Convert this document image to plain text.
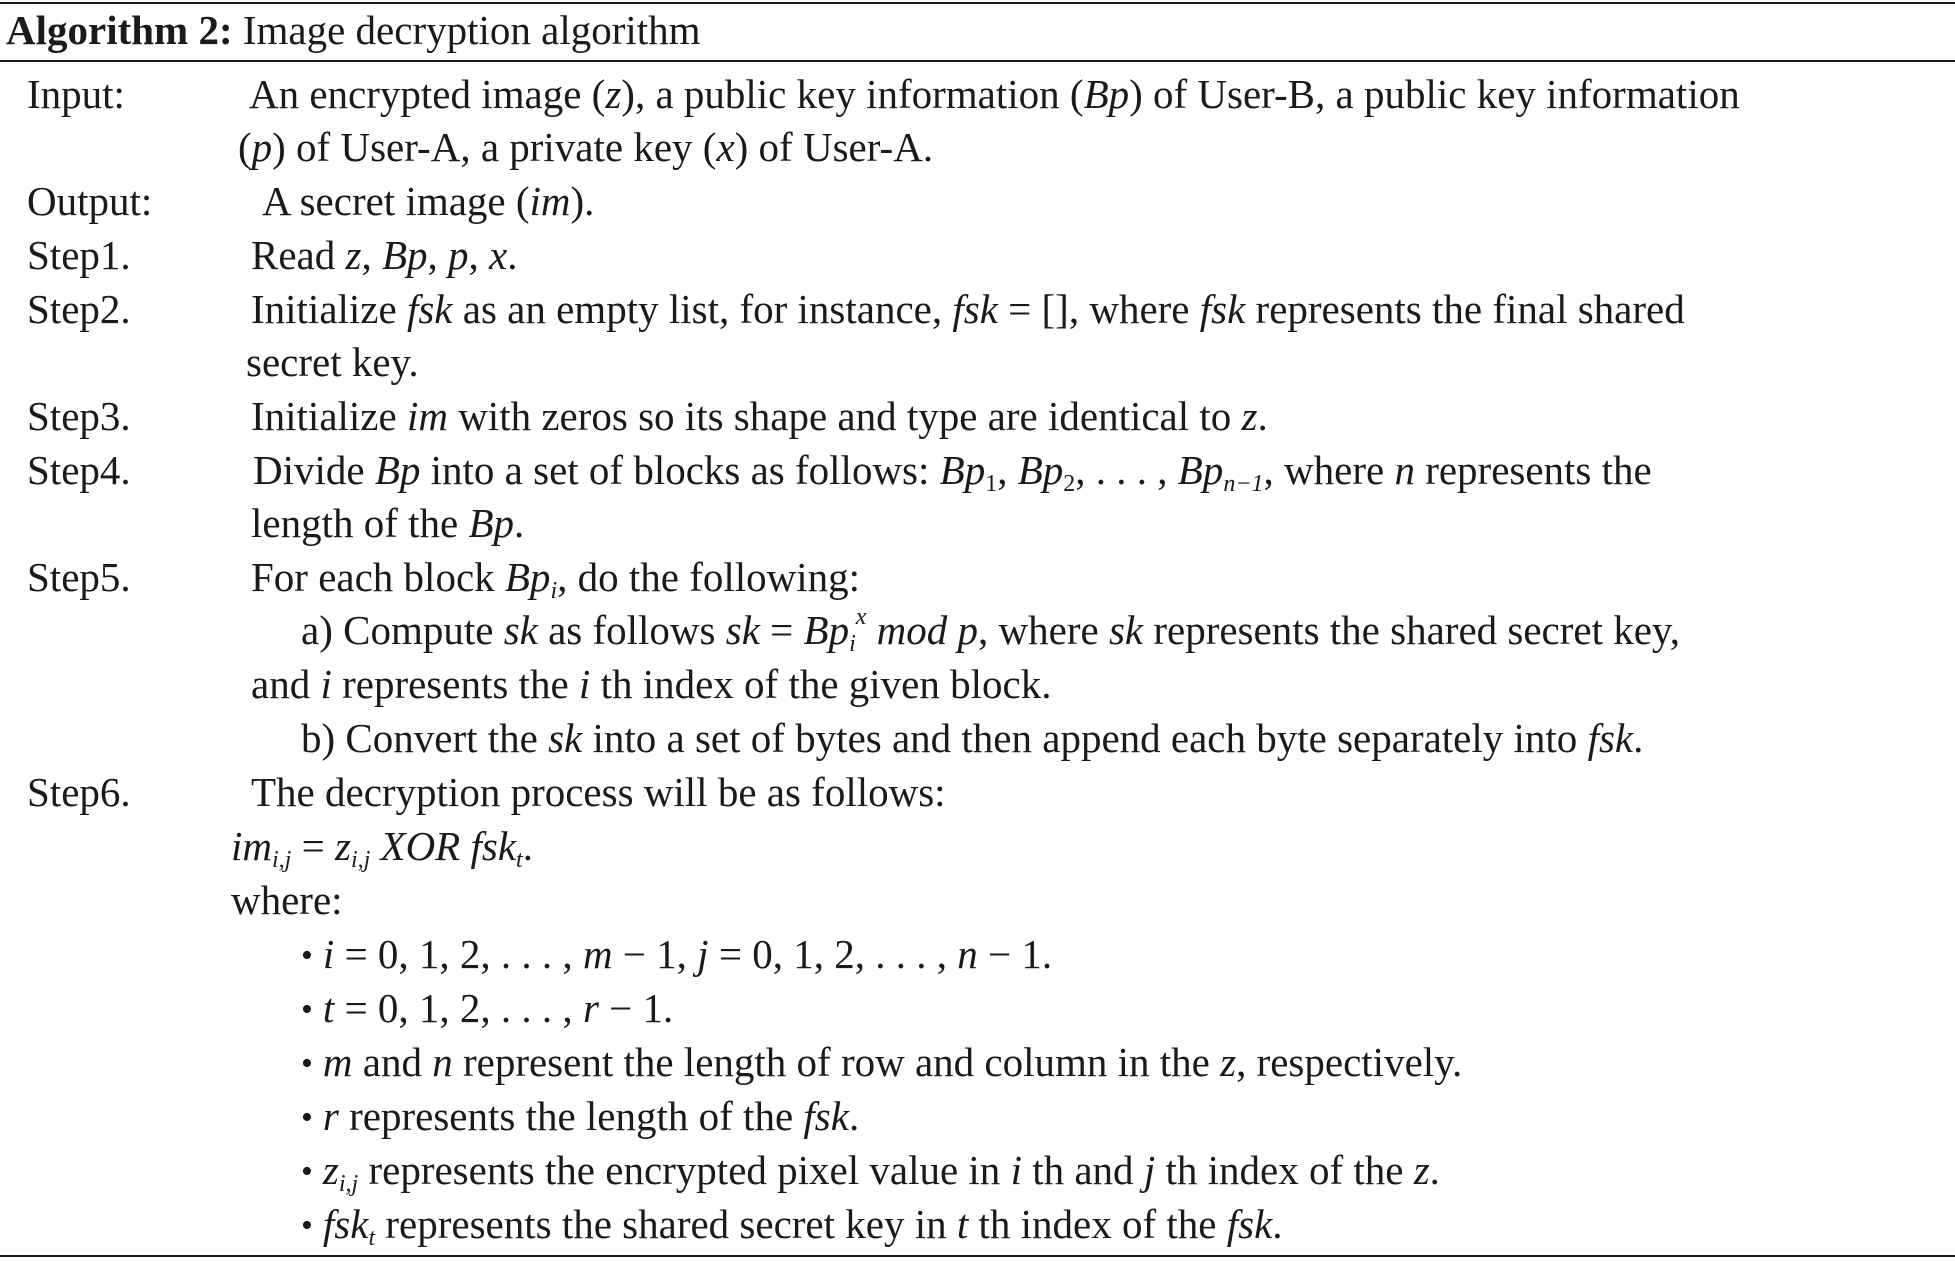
Algorithm 2: Image decryption algorithm
Input:	An encrypted image (z), a public key information (Bp) of User-B, a public key information
(p) of User-A, a private key (x) of User-A.
Output:	A secret image (im).
Step1.	Read z, Bp, p, x.
Step2.	Initialize fsk as an empty list, for instance, fsk = [], where fsk represents the final shared
secret key.
Step3.	Initialize im with zeros so its shape and type are identical to z.
Step4.	Divide Bp into a set of blocks as follows: $Bp_1$, $Bp_2$, . . . , $Bp_{n-1}$, where n represents the
length of the Bp.
Step5.	For each block $Bp_i$, do the following:
a) Compute sk as follows sk = $Bp_i^x$ mod p, where sk represents the shared secret key,
and i represents the i th index of the given block.
b) Convert the sk into a set of bytes and then append each byte separately into fsk.
Step6.	The decryption process will be as follows:
$im_{i,j} = z_{i,j}$ XOR fsk$_t$.
where:
• i = 0, 1, 2, . . . , m − 1, j = 0, 1, 2, . . . , n − 1.
• t = 0, 1, 2, . . . , r − 1.
• m and n represent the length of row and column in the z, respectively.
• r represents the length of the fsk.
• $z_{i,j}$ represents the encrypted pixel value in i th and j th index of the z.
• fsk$_t$ represents the shared secret key in t th index of the fsk.
